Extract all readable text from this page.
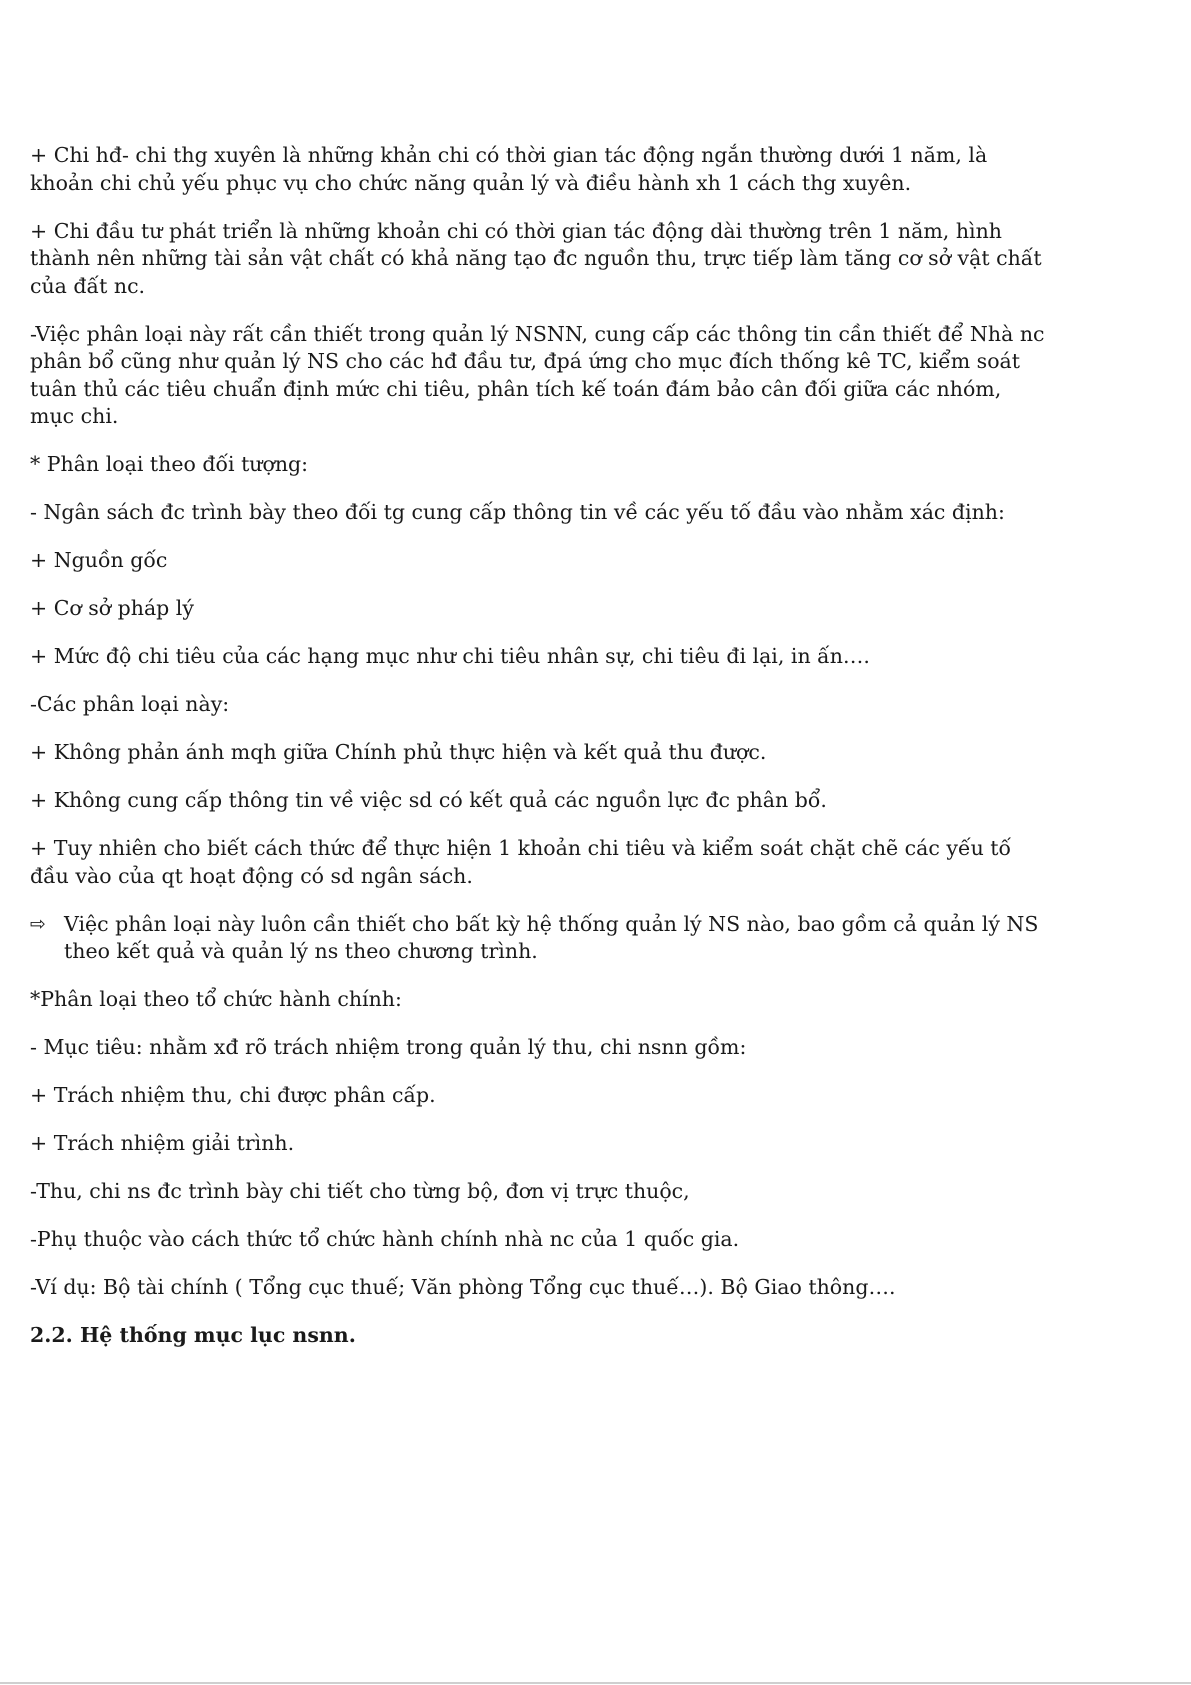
+ Chi hđ- chi thg xuyên là những khản chi có thời gian tác động ngắn thường dưới 1 năm, là khoản chi chủ yếu phục vụ cho chức năng quản lý và điều hành xh 1 cách thg xuyên.

+ Chi đầu tư phát triển là những khoản chi có thời gian tác động dài thường trên 1 năm, hình thành nên những tài sản vật chất có khả năng tạo đc nguồn thu, trực tiếp làm tăng cơ sở vật chất của đất nc.

-Việc phân loại này rất cần thiết trong quản lý NSNN, cung cấp các thông tin cần thiết để Nhà nc phân bổ cũng như quản lý NS cho các hđ đầu tư, đpá ứng cho mục đích thống kê TC, kiểm soát tuân thủ các tiêu chuẩn định mức chi tiêu, phân tích kế toán đám bảo cân đối giữa các nhóm, mục chi.

* Phân loại theo đối tượng:

- Ngân sách đc trình bày theo đối tg cung cấp thông tin về các yếu tố đầu vào nhằm xác định:

+ Nguồn gốc

+ Cơ sở pháp lý

+ Mức độ chi tiêu của các hạng mục như chi tiêu nhân sự, chi tiêu đi lại, in ấn….

-Các phân loại này:

+ Không phản ánh mqh giữa Chính phủ thực hiện và kết quả thu được.

+ Không cung cấp thông tin về việc sd có kết quả các nguồn lực đc phân bổ.

+ Tuy nhiên cho biết cách thức để thực hiện 1 khoản chi tiêu và kiểm soát chặt chẽ các yếu tố đầu vào của qt hoạt động có sd ngân sách.

⇨ Việc phân loại này luôn cần thiết cho bất kỳ hệ thống quản lý NS nào, bao gồm cả quản lý NS theo kết quả và quản lý ns theo chương trình.

*Phân loại theo tổ chức hành chính:

- Mục tiêu: nhằm xđ rõ trách nhiệm trong quản lý thu, chi nsnn gồm:

+ Trách nhiệm thu, chi được phân cấp.

+ Trách nhiệm giải trình.

-Thu, chi ns đc trình bày chi tiết cho từng bộ, đơn vị trực thuộc,

-Phụ thuộc vào cách thức tổ chức hành chính nhà nc của 1 quốc gia.

-Ví dụ: Bộ tài chính ( Tổng cục thuế; Văn phòng Tổng cục thuế…). Bộ Giao thông….

2.2. Hệ thống mục lục nsnn.
